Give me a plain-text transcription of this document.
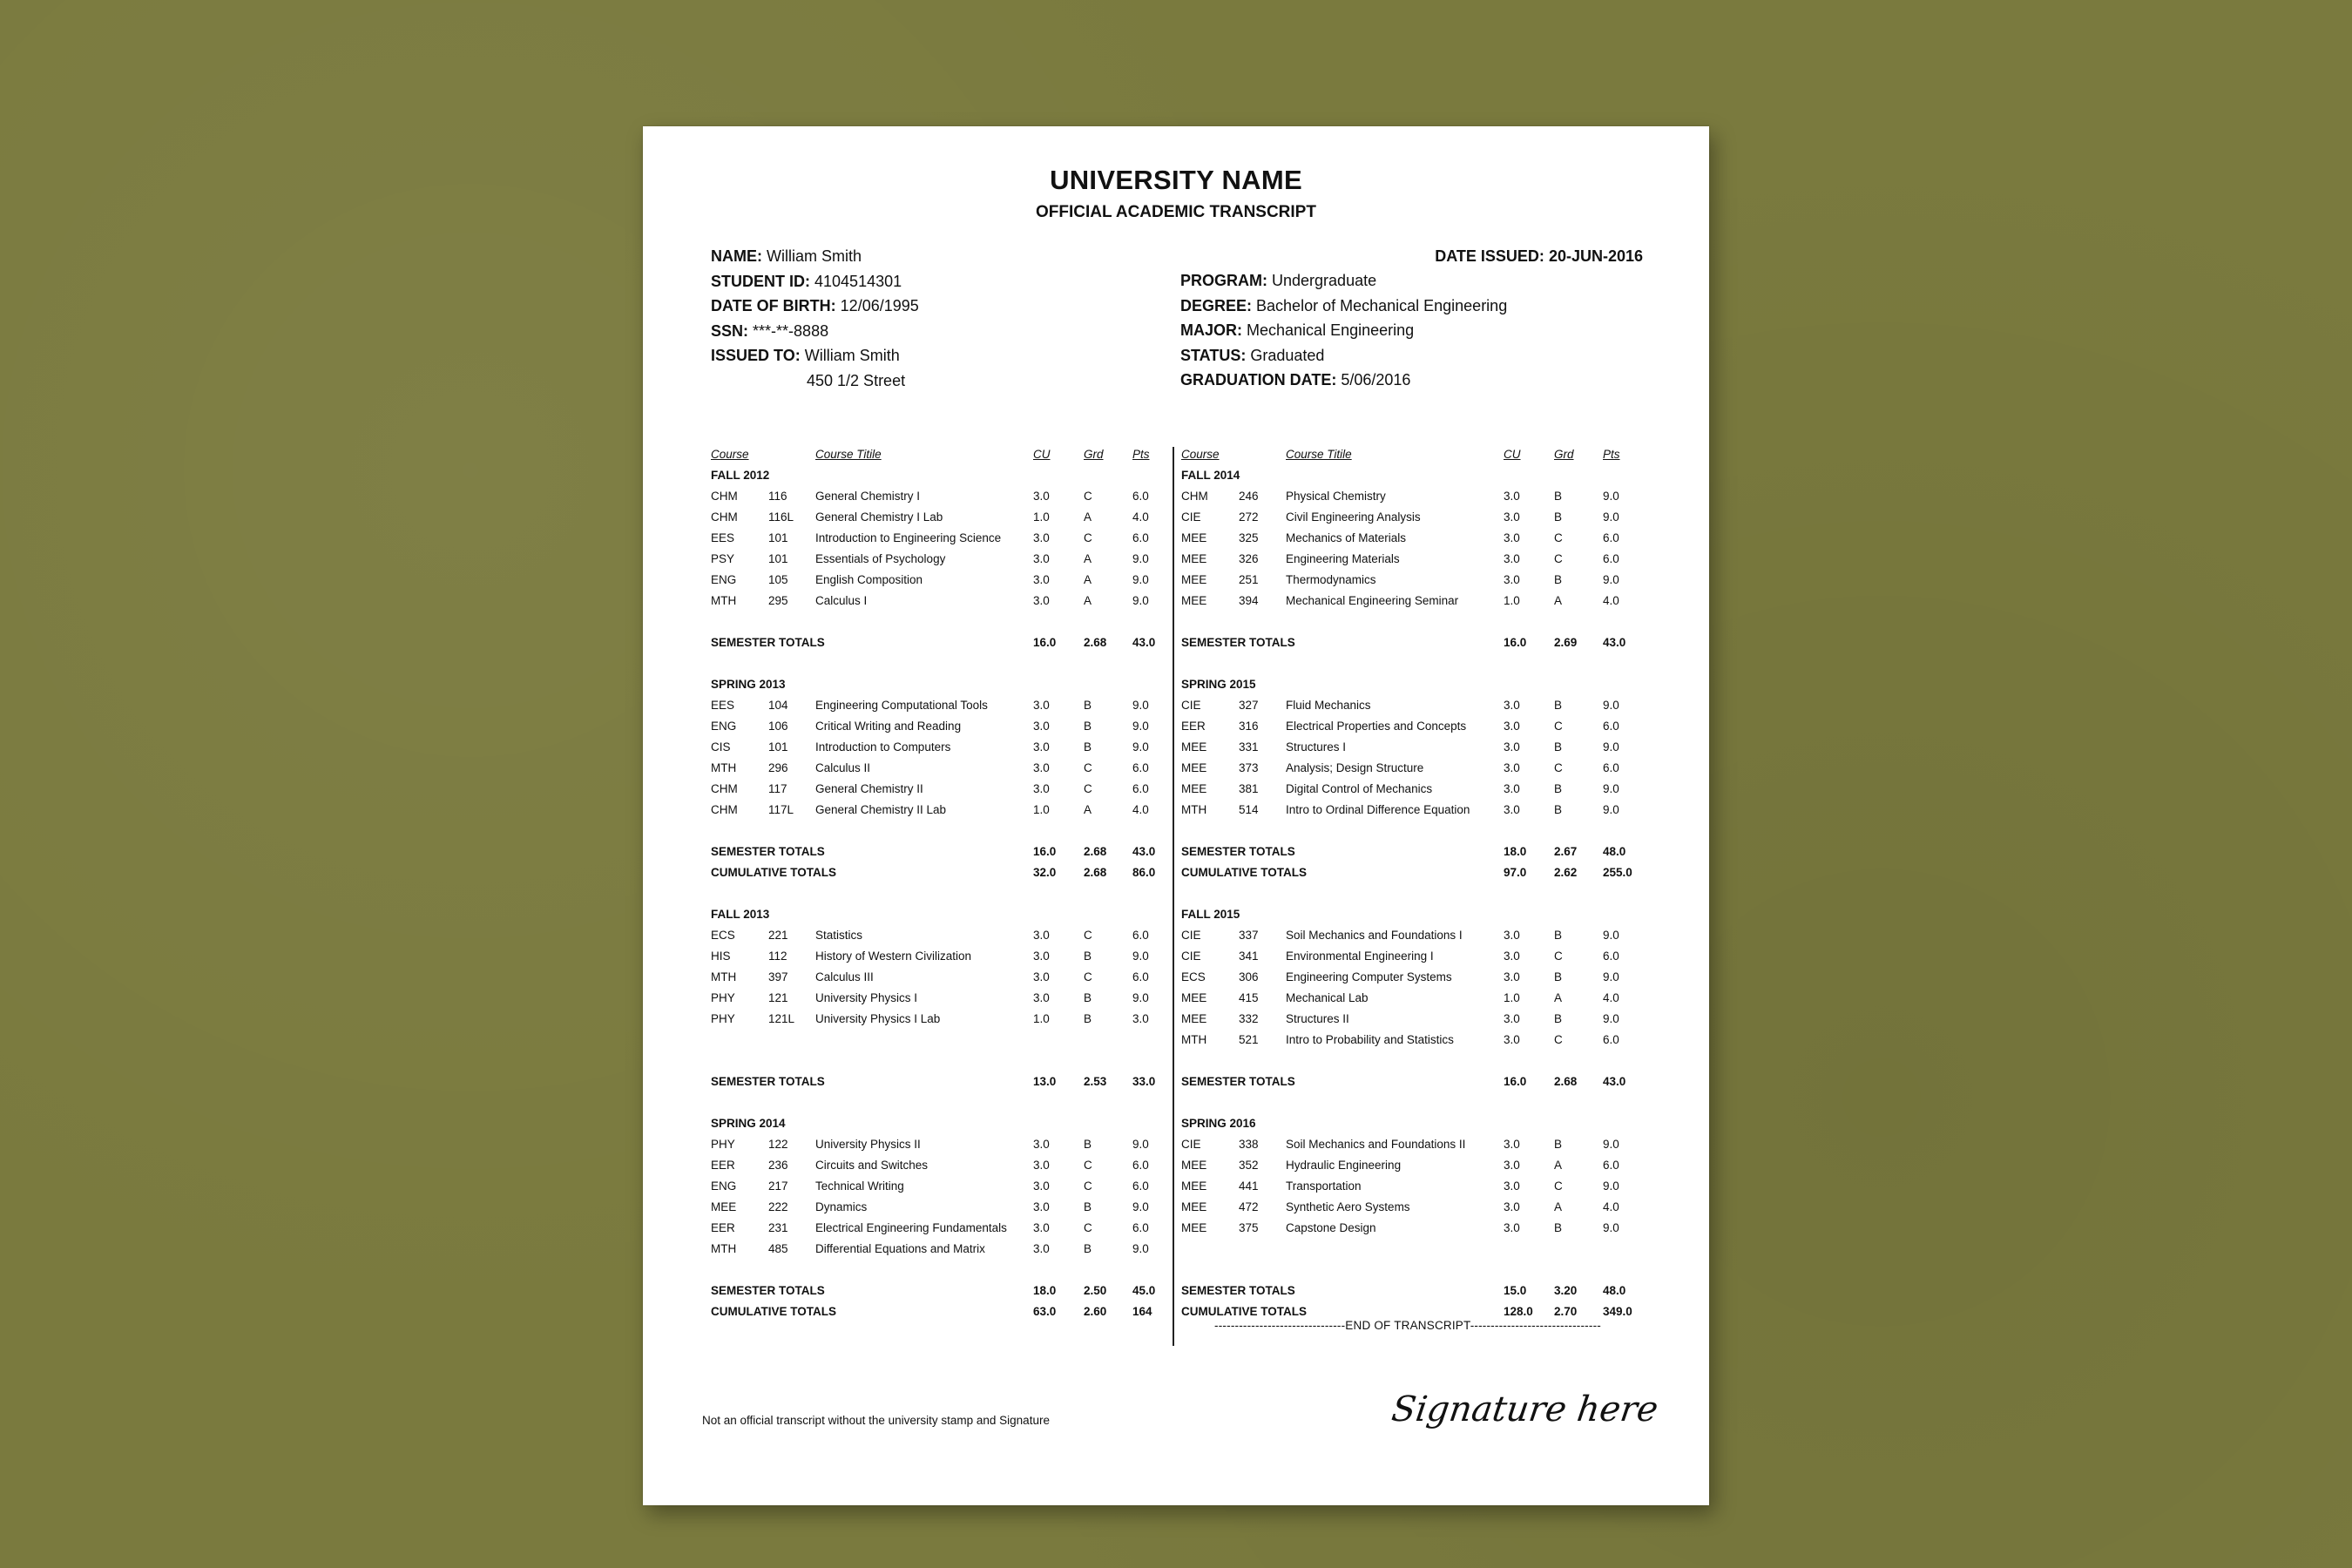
UNIVERSITY NAME
OFFICIAL ACADEMIC TRANSCRIPT
NAME: William Smith
STUDENT ID: 4104514301
DATE OF BIRTH: 12/06/1995
SSN: ***-**-8888
ISSUED TO: William Smith
450 1/2 Street
DATE ISSUED: 20-JUN-2016
PROGRAM: Undergraduate
DEGREE: Bachelor of Mechanical Engineering
MAJOR: Mechanical Engineering
STATUS: Graduated
GRADUATION DATE: 5/06/2016
Course	Course Titile	CU	Grd Pts
FALL 2012
CHM	116 General Chemistry I	3.0	C	6.0
CHM	116L General Chemistry I Lab	1.0	A	4.0
EES	101 Introduction to Engineering Science	3.0	C	6.0
PSY	101 Essentials of Psychology	3.0	A	9.0
ENG	105 English Composition	3.0	A	9.0
MTH	295 Calculus I	3.0	A	9.0
SEMESTER TOTALS	16.0 2.68 43.0
SPRING 2013
EES	104 Engineering Computational Tools	3.0	B	9.0
ENG	106 Critical Writing and Reading	3.0	B	9.0
CIS	101 Introduction to Computers	3.0	B	9.0
MTH	296 Calculus II	3.0	C	6.0
CHM	117 General Chemistry II	3.0	C	6.0
CHM	117L General Chemistry II Lab	1.0	A	4.0
SEMESTER TOTALS	16.0 2.68 43.0
CUMULATIVE TOTALS	32.0 2.68 86.0
FALL 2013
ECS	221 Statistics	3.0	C	6.0
HIS	112 History of Western Civilization	3.0	B	9.0
MTH	397 Calculus III	3.0	C	6.0
PHY	121 University Physics I	3.0	B	9.0
PHY	121L University Physics I Lab	1.0	B	3.0
SEMESTER TOTALS	13.0 2.53 33.0
SPRING 2014
PHY	122 University Physics II	3.0	B	9.0
EER	236 Circuits and Switches	3.0	C	6.0
ENG	217 Technical Writing	3.0	C	6.0
MEE	222 Dynamics	3.0	B	9.0
EER	231 Electrical Engineering Fundamentals 3.0	C	6.0
MTH	485 Differential Equations and Matrix	3.0	B	9.0
SEMESTER TOTALS	18.0 2.50 45.0
CUMULATIVE TOTALS	63.0 2.60 164
Course	Course Titile	CU	Grd Pts
FALL 2014
CHM	246 Physical Chemistry	3.0	B	9.0
CIE	272 Civil Engineering Analysis	3.0	B	9.0
MEE	325 Mechanics of Materials	3.0	C	6.0
MEE	326 Engineering Materials	3.0	C	6.0
MEE	251 Thermodynamics	3.0	B	9.0
MEE	394 Mechanical Engineering Seminar	1.0	A	4.0
SEMESTER TOTALS	16.0 2.69 43.0
SPRING 2015
CIE	327 Fluid Mechanics	3.0	B	9.0
EER	316 Electrical Properties and Concepts	3.0	C	6.0
MEE	331 Structures I	3.0	B	9.0
MEE	373 Analysis; Design Structure	3.0	C	6.0
MEE	381 Digital Control of Mechanics	3.0	B	9.0
MTH	514 Intro to Ordinal Difference Equation	3.0	B	9.0
SEMESTER TOTALS	18.0 2.67 48.0
CUMULATIVE TOTALS	97.0 2.62 255.0
FALL 2015
CIE	337 Soil Mechanics and Foundations I	3.0	B	9.0
CIE	341 Environmental Engineering I	3.0	C	6.0
ECS	306 Engineering Computer Systems	3.0	B	9.0
MEE	415 Mechanical Lab	1.0	A	4.0
MEE	332 Structures II	3.0	B	9.0
MTH	521 Intro to Probability and Statistics	3.0	C	6.0
SEMESTER TOTALS	16.0 2.68 43.0
SPRING 2016
CIE	338 Soil Mechanics and Foundations II	3.0	B	9.0
MEE	352 Hydraulic Engineering	3.0	A	6.0
MEE	441 Transportation	3.0	C	9.0
MEE	472 Synthetic Aero Systems	3.0	A	4.0
MEE	375 Capstone Design	3.0	B	9.0
SEMESTER TOTALS	15.0 3.20 48.0
CUMULATIVE TOTALS	128.0 2.70 349.0
--------------------------------END OF TRANSCRIPT--------------------------------
Not an official transcript without the university stamp and Signature	Signature here
